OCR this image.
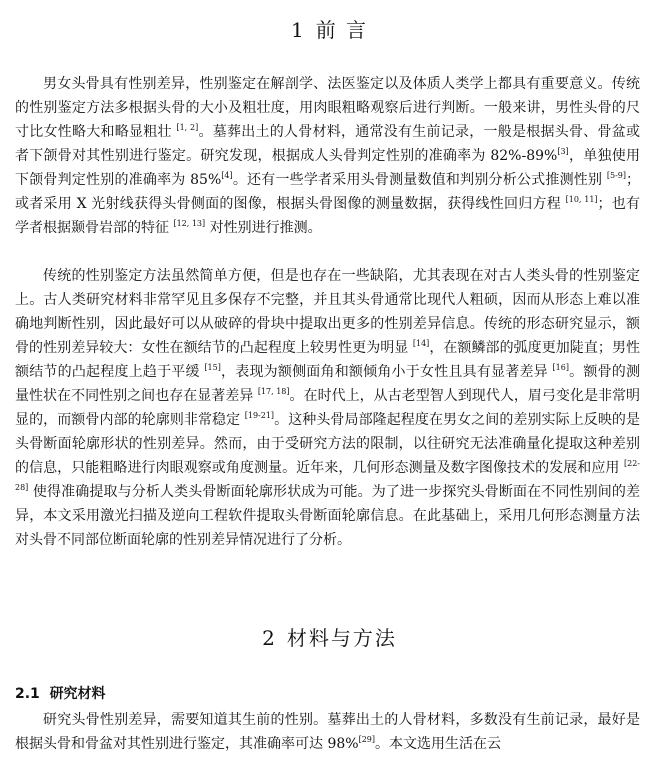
1 前 言

男女头骨具有性别差异，性别鉴定在解剖学、法医鉴定以及体质人类学上都具有重要意义。传统的性别鉴定方法多根据头骨的大小及粗壮度，用肉眼粗略观察后进行判断。一般来讲，男性头骨的尺寸比女性略大和略显粗壮 [1, 2]。墓葬出土的人骨材料，通常没有生前记录，一般是根据头骨、骨盆或者下颌骨对其性别进行鉴定。研究发现，根据成人头骨判定性别的准确率为 82%-89%[3]，单独使用下颌骨判定性别的准确率为 85%[4]。还有一些学者采用头骨测量数值和判别分析公式推测性别 [5-9]；或者采用 X 光射线获得头骨侧面的图像，根据头骨图像的测量数据，获得线性回归方程 [10, 11]；也有学者根据颞骨岩部的特征 [12, 13] 对性别进行推测。

传统的性别鉴定方法虽然简单方便，但是也存在一些缺陷，尤其表现在对古人类头骨的性别鉴定上。古人类研究材料非常罕见且多保存不完整，并且其头骨通常比现代人粗硕，因而从形态上难以准确地判断性别，因此最好可以从破碎的骨块中提取出更多的性别差异信息。传统的形态研究显示，额骨的性别差异较大：女性在额结节的凸起程度上较男性更为明显 [14]，在额鳞部的弧度更加陡直；男性额结节的凸起程度上趋于平缓 [15]，表现为额侧面角和额倾角小于女性且具有显著差异 [16]。额骨的测量性状在不同性别之间也存在显著差异 [17, 18]。在时代上，从古老型智人到现代人，眉弓变化是非常明显的，而额骨内部的轮廓则非常稳定 [19-21]。这种头骨局部隆起程度在男女之间的差别实际上反映的是头骨断面轮廓形状的性别差异。然而，由于受研究方法的限制，以往研究无法准确量化提取这种差别的信息，只能粗略进行肉眼观察或角度测量。近年来，几何形态测量及数字图像技术的发展和应用 [22-28] 使得准确提取与分析人类头骨断面轮廓形状成为可能。为了进一步探究头骨断面在不同性别间的差异，本文采用激光扫描及逆向工程软件提取头骨断面轮廓信息。在此基础上，采用几何形态测量方法对头骨不同部位断面轮廓的性别差异情况进行了分析。

2 材料与方法
2.1 研究材料

研究头骨性别差异，需要知道其生前的性别。墓葬出土的人骨材料，多数没有生前记录，最好是根据头骨和骨盆对其性别进行鉴定，其准确率可达 98%[29]。本文选用生活在云
